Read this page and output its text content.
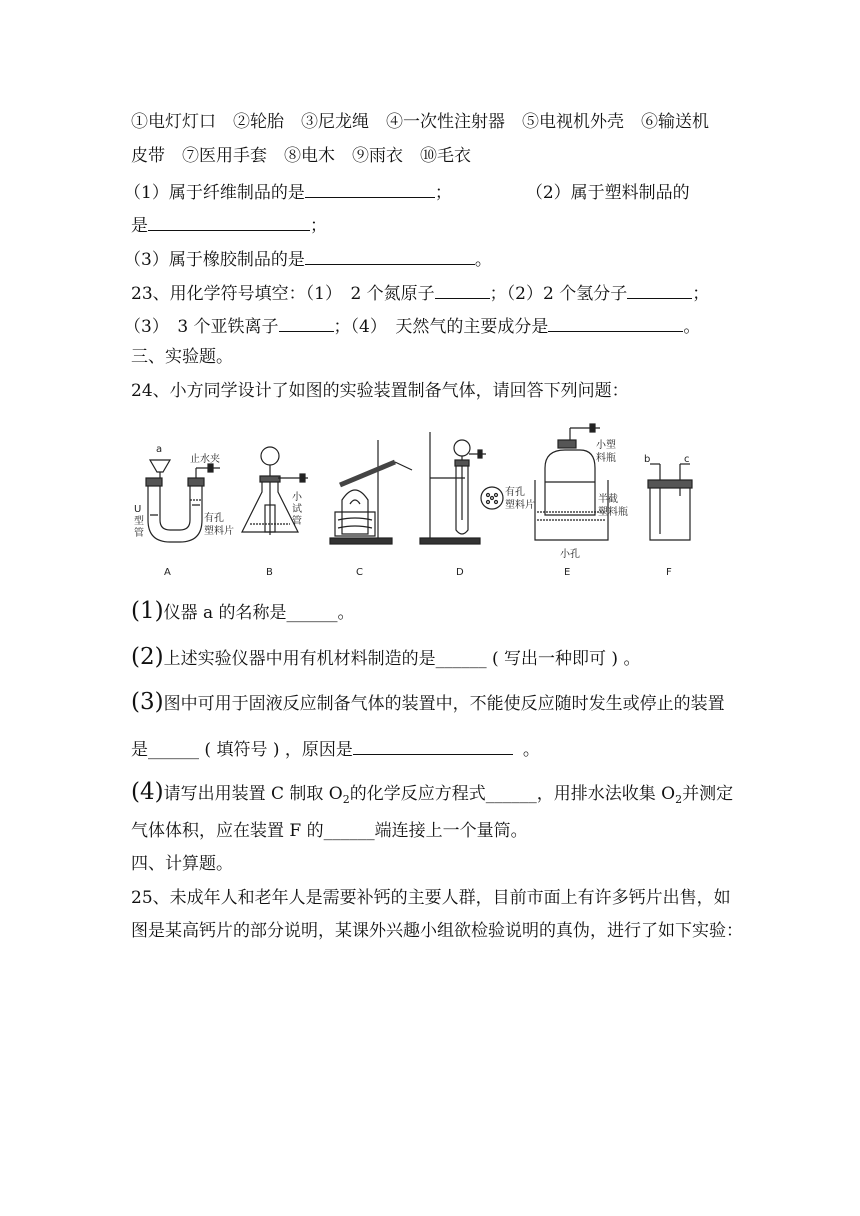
①电灯灯口　②轮胎　③尼龙绳　④一次性注射器　⑤电视机外壳　⑥输送机
皮带　⑦医用手套　⑧电木　⑨雨衣　⑩毛衣
（1）属于纤维制品的是	；	（2）属于塑料制品的
是	；
（3）属于橡胶制品的是	。
23、用化学符号填空：（1）　2 个氮原子	；（2）2 个氢分子	；
（3）　3 个亚铁离子	；（4）　天然气的主要成分是	。
三、实验题。
24、小方同学设计了如图的实验装置制备气体，请回答下列问题：
a
止水夹
U
型
管
有孔
塑料片
小
试
管
有孔
塑料片
小塑
料瓶
半截
塑料瓶
小孔
b	c
A	B	C	D	E	F
(1)仪器 a 的名称是______。
(2)上述实验仪器中用有机材料制造的是______ ( 写出一种即可 ) 。
(3)图中可用于固液反应制备气体的装置中，不能使反应随时发生或停止的装置
是______ ( 填符号 ) ，原因是	。
(4)请写出用装置 C 制取 $O_2$的化学反应方程式______，用排水法收集 $O_2$并测定
气体体积，应在装置 F 的______端连接上一个量筒。
四、计算题。
25、未成年人和老年人是需要补钙的主要人群，目前市面上有许多钙片出售，如
图是某高钙片的部分说明，某课外兴趣小组欲检验说明的真伪，进行了如下实验：
